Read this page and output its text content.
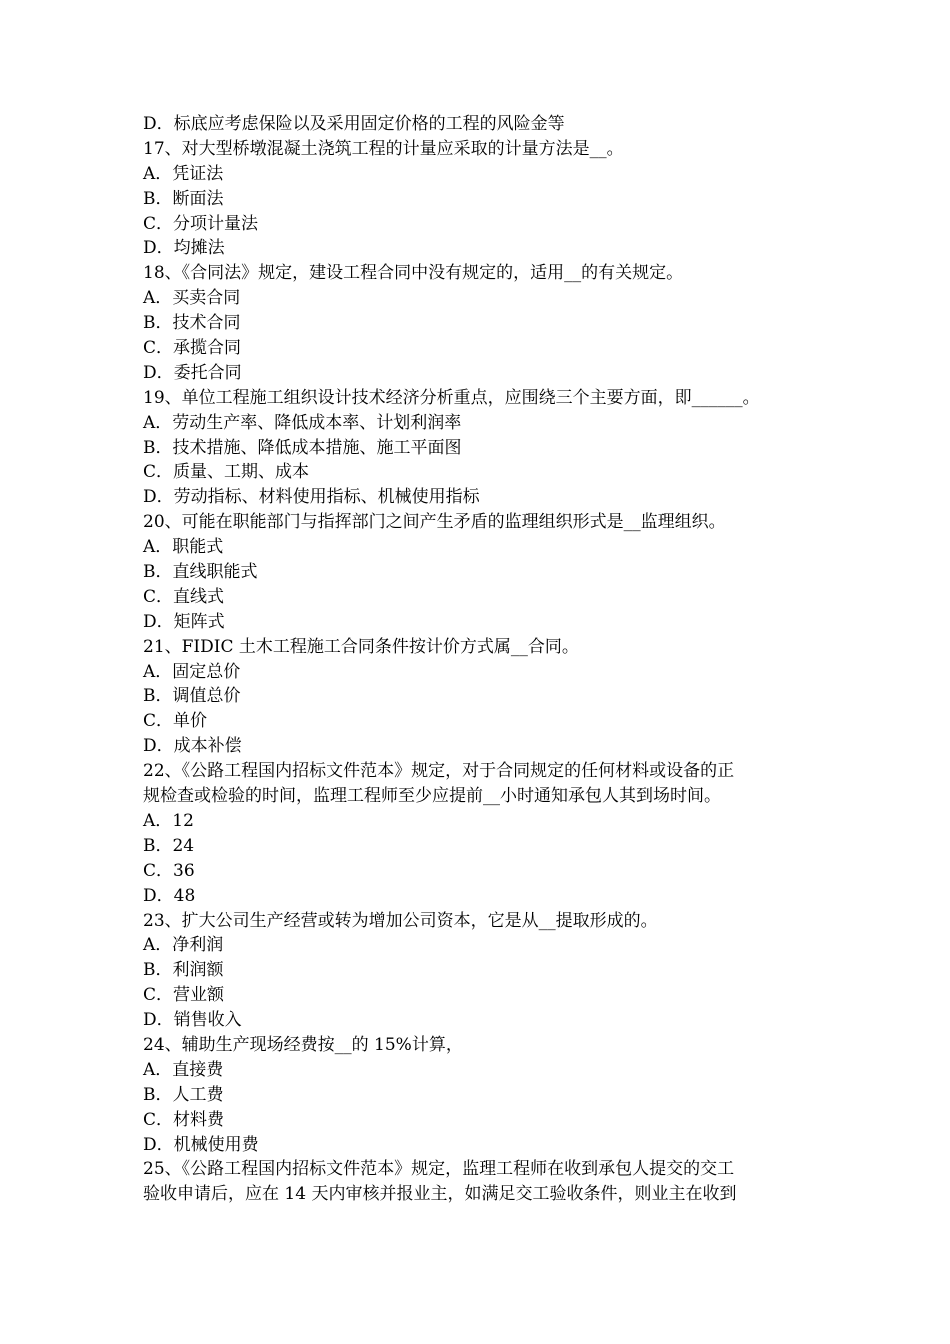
D．标底应考虑保险以及采用固定价格的工程的风险金等
17、对大型桥墩混凝土浇筑工程的计量应采取的计量方法是__。
A．凭证法
B．断面法
C．分项计量法
D．均摊法
18、《合同法》规定，建设工程合同中没有规定的，适用__的有关规定。
A．买卖合同
B．技术合同
C．承揽合同
D．委托合同
19、单位工程施工组织设计技术经济分析重点，应围绕三个主要方面，即______。
A．劳动生产率、降低成本率、计划利润率
B．技术措施、降低成本措施、施工平面图
C．质量、工期、成本
D．劳动指标、材料使用指标、机械使用指标
20、可能在职能部门与指挥部门之间产生矛盾的监理组织形式是__监理组织。
A．职能式
B．直线职能式
C．直线式
D．矩阵式
21、FIDIC 土木工程施工合同条件按计价方式属__合同。
A．固定总价
B．调值总价
C．单价
D．成本补偿
22、《公路工程国内招标文件范本》规定，对于合同规定的任何材料或设备的正
规检查或检验的时间，监理工程师至少应提前__小时通知承包人其到场时间。
A．12
B．24
C．36
D．48
23、扩大公司生产经营或转为增加公司资本，它是从__提取形成的。
A．净利润
B．利润额
C．营业额
D．销售收入
24、辅助生产现场经费按__的 15%计算，
A．直接费
B．人工费
C．材料费
D．机械使用费
25、《公路工程国内招标文件范本》规定，监理工程师在收到承包人提交的交工
验收申请后，应在 14 天内审核并报业主，如满足交工验收条件，则业主在收到
